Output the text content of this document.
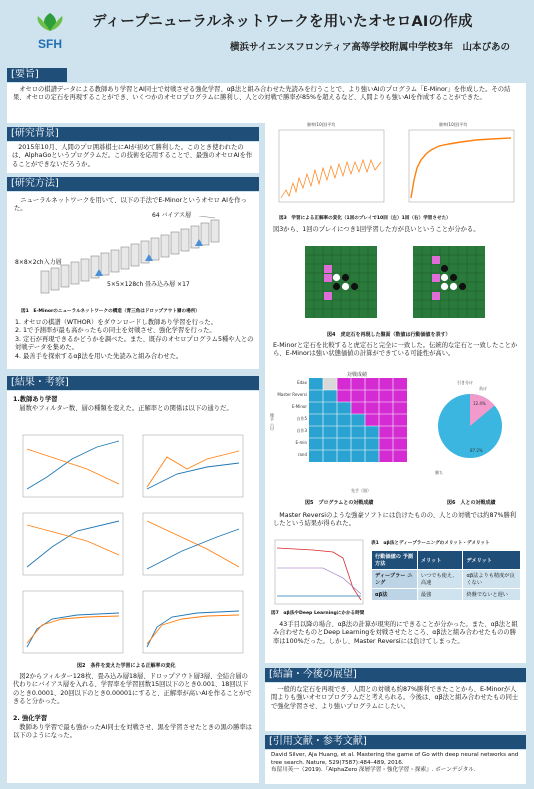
SFH
ディープニューラルネットワークを用いたオセロAIの作成
横浜サイエンスフロンティア高等学校附属中学校3年　山本ぴあの
[要旨]
オセロの棋譜データによる教師あり学習とAI同士で対戦させる強化学習、αβ法と組み合わせた先読みを行うことで、より強いAIのプログラム「E-Minor」を作成した。その結果、オセロの定石を再現することができ、いくつかのオセロプログラムに勝利し、人との対戦で勝率が85%を超えるなど、人間よりも強いAIを作成することができた。
[研究背景]
2015年10月、人間のプロ囲碁棋士にAIが初めて勝利した。このとき使われたのは、AlphaGoというプログラムだ。この技術を応用することで、最強のオセロAIを作ることができないだろうか。
[研究方法]
ニューラルネットワークを用いて、以下の手法でE-Minorというオセロ AIを作った。
64 バイアス層
8×8×2ch入力層
5×5×128ch 畳み込み層 ×17
図1　E-Minorのニューラルネットワークの構造（青三角はドロップアウト層の場所）
1. オセロの棋譜（WTHOR）をダウンロードし教師あり学習を行った。
2. 1で予測率が最も高かったもの同士を対戦させ、強化学習を行った。
3. 定石が再現できるかどうかを調べた。また、既存のオセロプログラム5種や人との対戦データを集めた。
4. 最善手を探索するαβ法を用いた先読みと組み合わせた。
[結果・考察]
1.教師あり学習
層数やフィルター数、層の種類を変えた。正解率との関係は以下の通りだ。
図2　条件を変えた学習による正解率の変化
図2からフィルター128枚、畳み込み層18層、ドロップアウト層3層、全結合層の代わりにバイアス層を入れる、学習率を学習回数15回以下のとき0.001、18回以下のとき0.0001、20回以下のとき0.00001にすると、正解率が高いAIを作ることができると分かった。
2. 強化学習
教師あり学習で最も強かったAI同士を対戦させ、黒を学習させたときの黒の勝率は以下のようになった。
勝率(10回)平均	勝率(10回)平均
図3　学習による正解率の変化（1回のプレイで10回（左）1回（右）学習させた）
図3から、1回のプレイにつき1回学習した方が良いということが分かる。
図4　虎定石を再現した盤面（数値は行動価値を表す）
E-Minorと定石を比較すると虎定石と完全に一致した。伝統的な定石と一致したことから、E-Minorは強い状態価値の計算ができている可能性が高い。
対戦成績
Edax
Master Reversi
E-Minor
自作5
自作3
E-min
rand
後手（白）
先手（黒）
図5　プログラムとの対戦成績
引き分け
負け
12.4%
87.2%
勝ち
図6　人との対戦成績
Master Reversiのような強豪ソフトには負けたものの、人との対戦では約87%勝利したという結果が得られた。
図7　αβ法やDeep Learningにかかる時間
表1　αβ法とディープラーニングのメリット・デメリット
行動価値の 予測方法	メリット	デメリット
ディープラー ニング	いつでも使え、高速	αβ法よりも精度が良くない
αβ法	最強	終盤でないと遅い
43手目以降の場合、αβ法の計算が現実的にできることが分かった。また、αβ法と組み合わせたものとDeep Learningを対戦させたところ、αβ法と組み合わせたものの勝率は100%だった。しかし、Master Reversiには負けてしまった。
[結論・今後の展望]
一般的な定石を再現でき、人間との対戦も約87%勝利できたことから、E-Minorが人間よりも強いオセロプログラムだと考えられる。今後は、αβ法と組み合わせたもの同士で強化学習させ、より強いプログラムにしたい。
[引用文献・参考文献]
David Silver, Aja Huang, et al. Mastering the game of Go with deep neural networks and tree search. Nature, 529(7587):484–489, 2016.
布留川英一（2019).『AlphaZero 深層学習・強化学習・探索』. ボーンデジタル.
